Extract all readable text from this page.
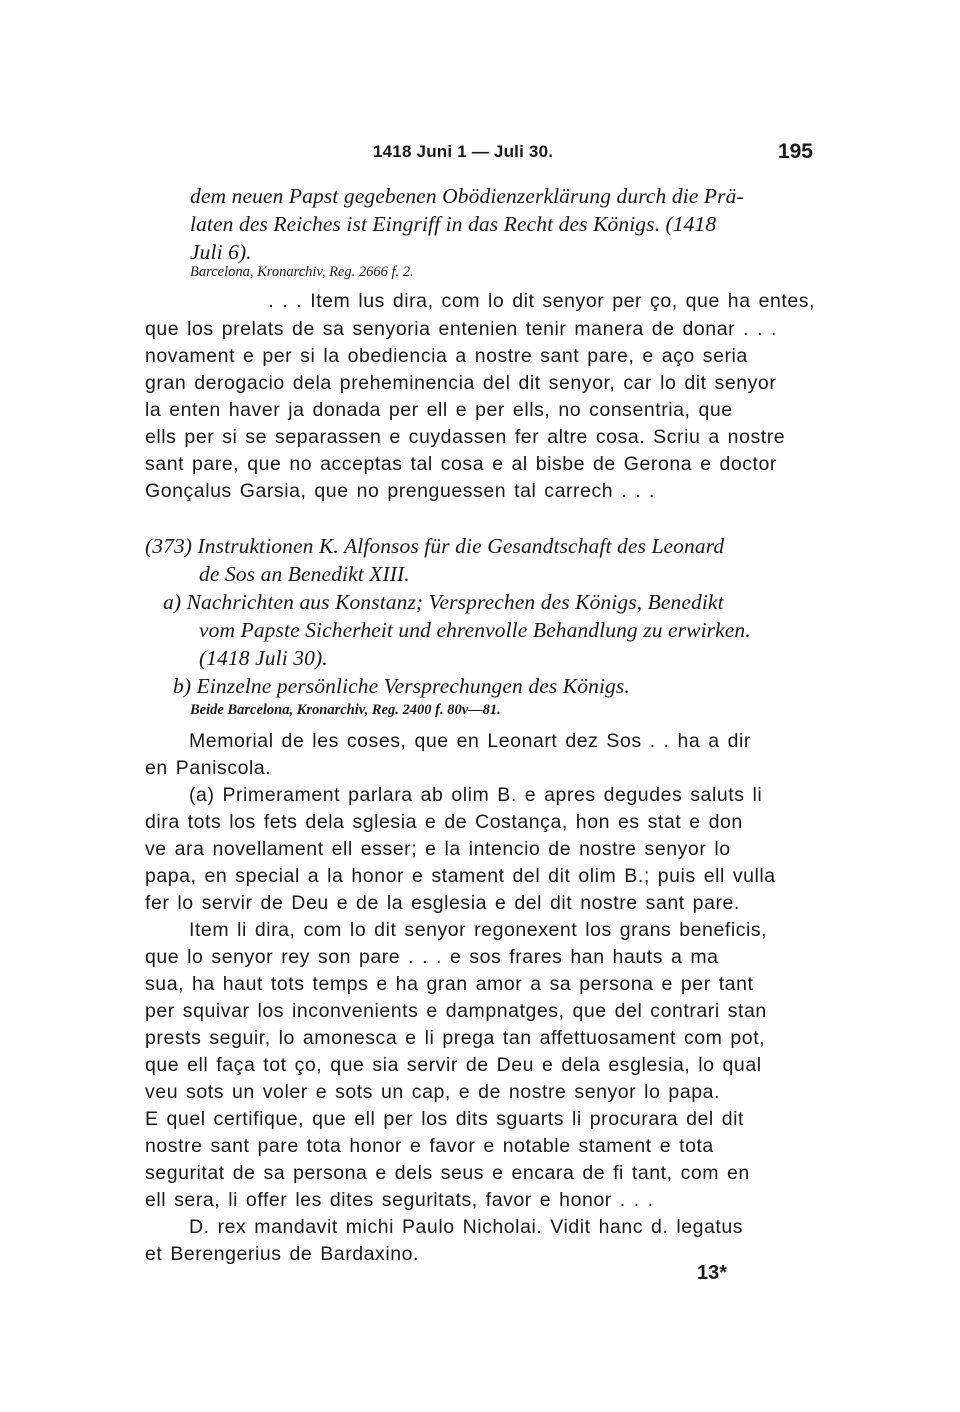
1418 Juni 1 — Juli 30.	195
dem neuen Papst gegebenen Obödienzerklärung durch die Prä-
laten des Reiches ist Eingriff in das Recht des Königs. (1418
Juli 6).
Barcelona, Kronarchiv, Reg. 2666 f. 2.
. . . Item lus dira, com lo dit senyor per ço, que ha entes,
que los prelats de sa senyoria entenien tenir manera de donar . . .
novament e per si la obediencia a nostre sant pare, e aço seria
gran derogacio dela preheminencia del dit senyor, car lo dit senyor
la enten haver ja donada per ell e per ells, no consentria, que
ells per si se separassen e cuydassen fer altre cosa. Scriu a nostre
sant pare, que no acceptas tal cosa e al bisbe de Gerona e doctor
Gonçalus Garsia, que no prenguessen tal carrech . . .
(373) Instruktionen K. Alfonsos für die Gesandtschaft des Leonard
de Sos an Benedikt XIII.
a) Nachrichten aus Konstanz; Versprechen des Königs, Benedikt
vom Papste Sicherheit und ehrenvolle Behandlung zu erwirken.
(1418 Juli 30).
b) Einzelne persönliche Versprechungen des Königs.
Beide Barcelona, Kronarchiv, Reg. 2400 f. 80v—81.
Memorial de les coses, que en Leonart dez Sos . . ha a dir
en Paniscola.
(a) Primerament parlara ab olim B. e apres degudes saluts li
dira tots los fets dela sglesia e de Costança, hon es stat e don
ve ara novellament ell esser; e la intencio de nostre senyor lo
papa, en special a la honor e stament del dit olim B.; puis ell vulla
fer lo servir de Deu e de la esglesia e del dit nostre sant pare.
Item li dira, com lo dit senyor regonexent los grans beneficis,
que lo senyor rey son pare . . . e sos frares han hauts a ma
sua, ha haut tots temps e ha gran amor a sa persona e per tant
per squivar los inconvenients e dampnatges, que del contrari stan
prests seguir, lo amonesca e li prega tan affettuosament com pot,
que ell faça tot ço, que sia servir de Deu e dela esglesia, lo qual
veu sots un voler e sots un cap, e de nostre senyor lo papa.
E quel certifique, que ell per los dits sguarts li procurara del dit
nostre sant pare tota honor e favor e notable stament e tota
seguritat de sa persona e dels seus e encara de fi tant, com en
ell sera, li offer les dites seguritats, favor e honor . . .
D. rex mandavit michi Paulo Nicholai. Vidit hanc d. legatus
et Berengerius de Bardaxino.
13*
